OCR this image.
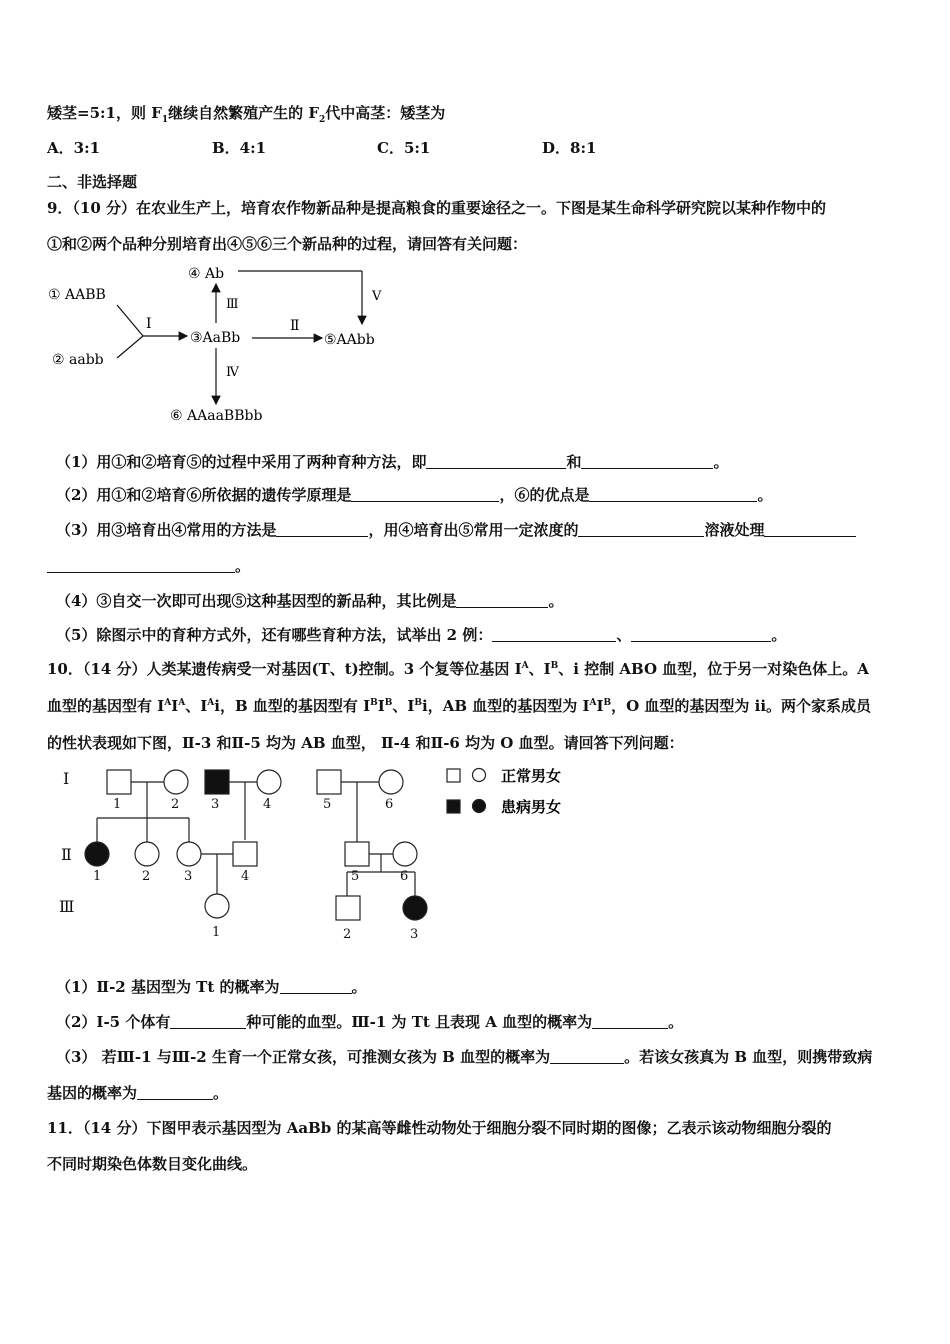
矮茎=5:1，则 $F_1$继续自然繁殖产生的 $F_2$代中高茎：矮茎为
A．3:1	B．4:1	C．5:1	D．8:1
二、非选择题
9．（10 分）在农业生产上，培育农作物新品种是提高粮食的重要途径之一。下图是某生命科学研究院以某种作物中的
①和②两个品种分别培育出④⑤⑥三个新品种的过程，请回答有关问题：
① AABB
② aabb
③AaBb
④ Ab
⑤AAbb
⑥ AAaaBBbb
Ⅰ
Ⅲ
Ⅱ
Ⅴ
Ⅳ
（1）用①和②培育⑤的过程中采用了两种育种方法，即	和	。
（2）用①和②培育⑥所依据的遗传学原理是	，⑥的优点是	。
（3）用③培育出④常用的方法是	，用④培育出⑤常用一定浓度的	溶液处理
。
（4）③自交一次即可出现⑤这种基因型的新品种，其比例是	。
（5）除图示中的育种方式外，还有哪些育种方法，试举出 2 例：	、	。
10．（14 分）人类某遗传病受一对基因(T、t)控制。3 个复等位基因 $I^A$、$I^B$、i 控制 ABO 血型，位于另一对染色体上。A
血型的基因型有 $I^AI^A$、$I^Ai$，B 血型的基因型有 $I^BI^B$、$I^Bi$，AB 血型的基因型为 $I^AI^B$，O 血型的基因型为 ii。两个家系成员
的性状表现如下图，Ⅱ-3 和Ⅱ-5 均为 AB 血型， Ⅱ-4 和Ⅱ-6 均为 O 血型。请回答下列问题：
Ⅰ
Ⅱ
Ⅲ
1	2 3	4	5	6
1	2	3	4	5	6
1	2	3
正常男女
患病男女
（1）Ⅱ-2 基因型为 Tt 的概率为	。
（2）Ⅰ-5 个体有	种可能的血型。Ⅲ-1 为 Tt 且表现 A 血型的概率为	。
（3） 若Ⅲ-1 与Ⅲ-2 生育一个正常女孩，可推测女孩为 B 血型的概率为	。若该女孩真为 B 血型，则携带致病
基因的概率为	。
11．（14 分）下图甲表示基因型为 AaBb 的某高等雌性动物处于细胞分裂不同时期的图像；乙表示该动物细胞分裂的
不同时期染色体数目变化曲线。
